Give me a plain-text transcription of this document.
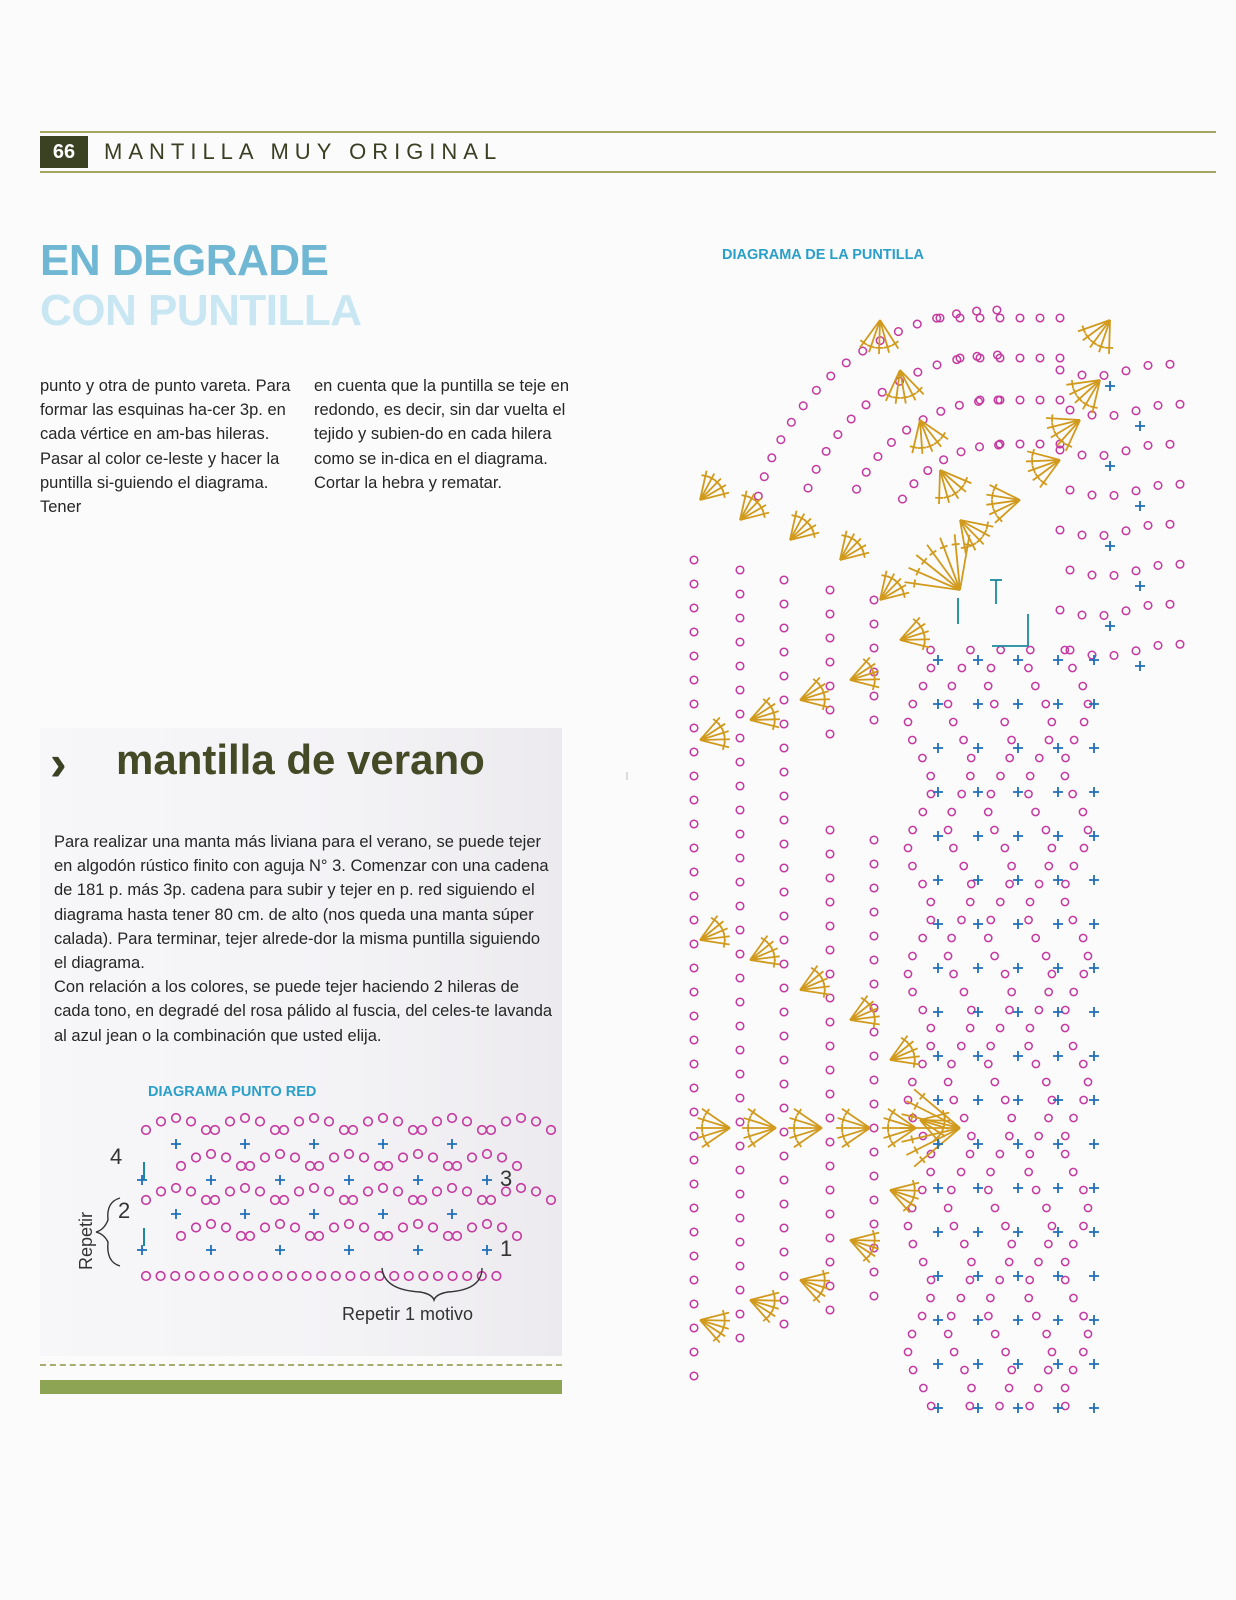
66	MANTILLA MUY ORIGINAL
EN DEGRADE
CON PUNTILLA
punto y otra de punto vareta. Para formar las esquinas ha-cer 3p. en cada vértice en am-bas hileras. Pasar al color ce-leste y hacer la puntilla si-guiendo el diagrama. Tener
en cuenta que la puntilla se teje en redondo, es decir, sin dar vuelta el tejido y subien-do en cada hilera como se in-dica en el diagrama. Cortar la hebra y rematar.
› mantilla de verano
Para realizar una manta más liviana para el verano, se puede tejer en algodón rústico finito con aguja N° 3. Comenzar con una cadena de 181 p. más 3p. cadena para subir y tejer en p. red siguiendo el diagrama hasta tener 80 cm. de alto (nos queda una manta súper calada). Para terminar, tejer alrede-dor la misma puntilla siguiendo el diagrama.
Con relación a los colores, se puede tejer haciendo 2 hileras de cada tono, en degradé del rosa pálido al fuscia, del celes-te lavanda al azul jean o la combinación que usted elija.
DIAGRAMA PUNTO RED
4
3
2
1
Repetir
Repetir 1 motivo
DIAGRAMA DE LA PUNTILLA
